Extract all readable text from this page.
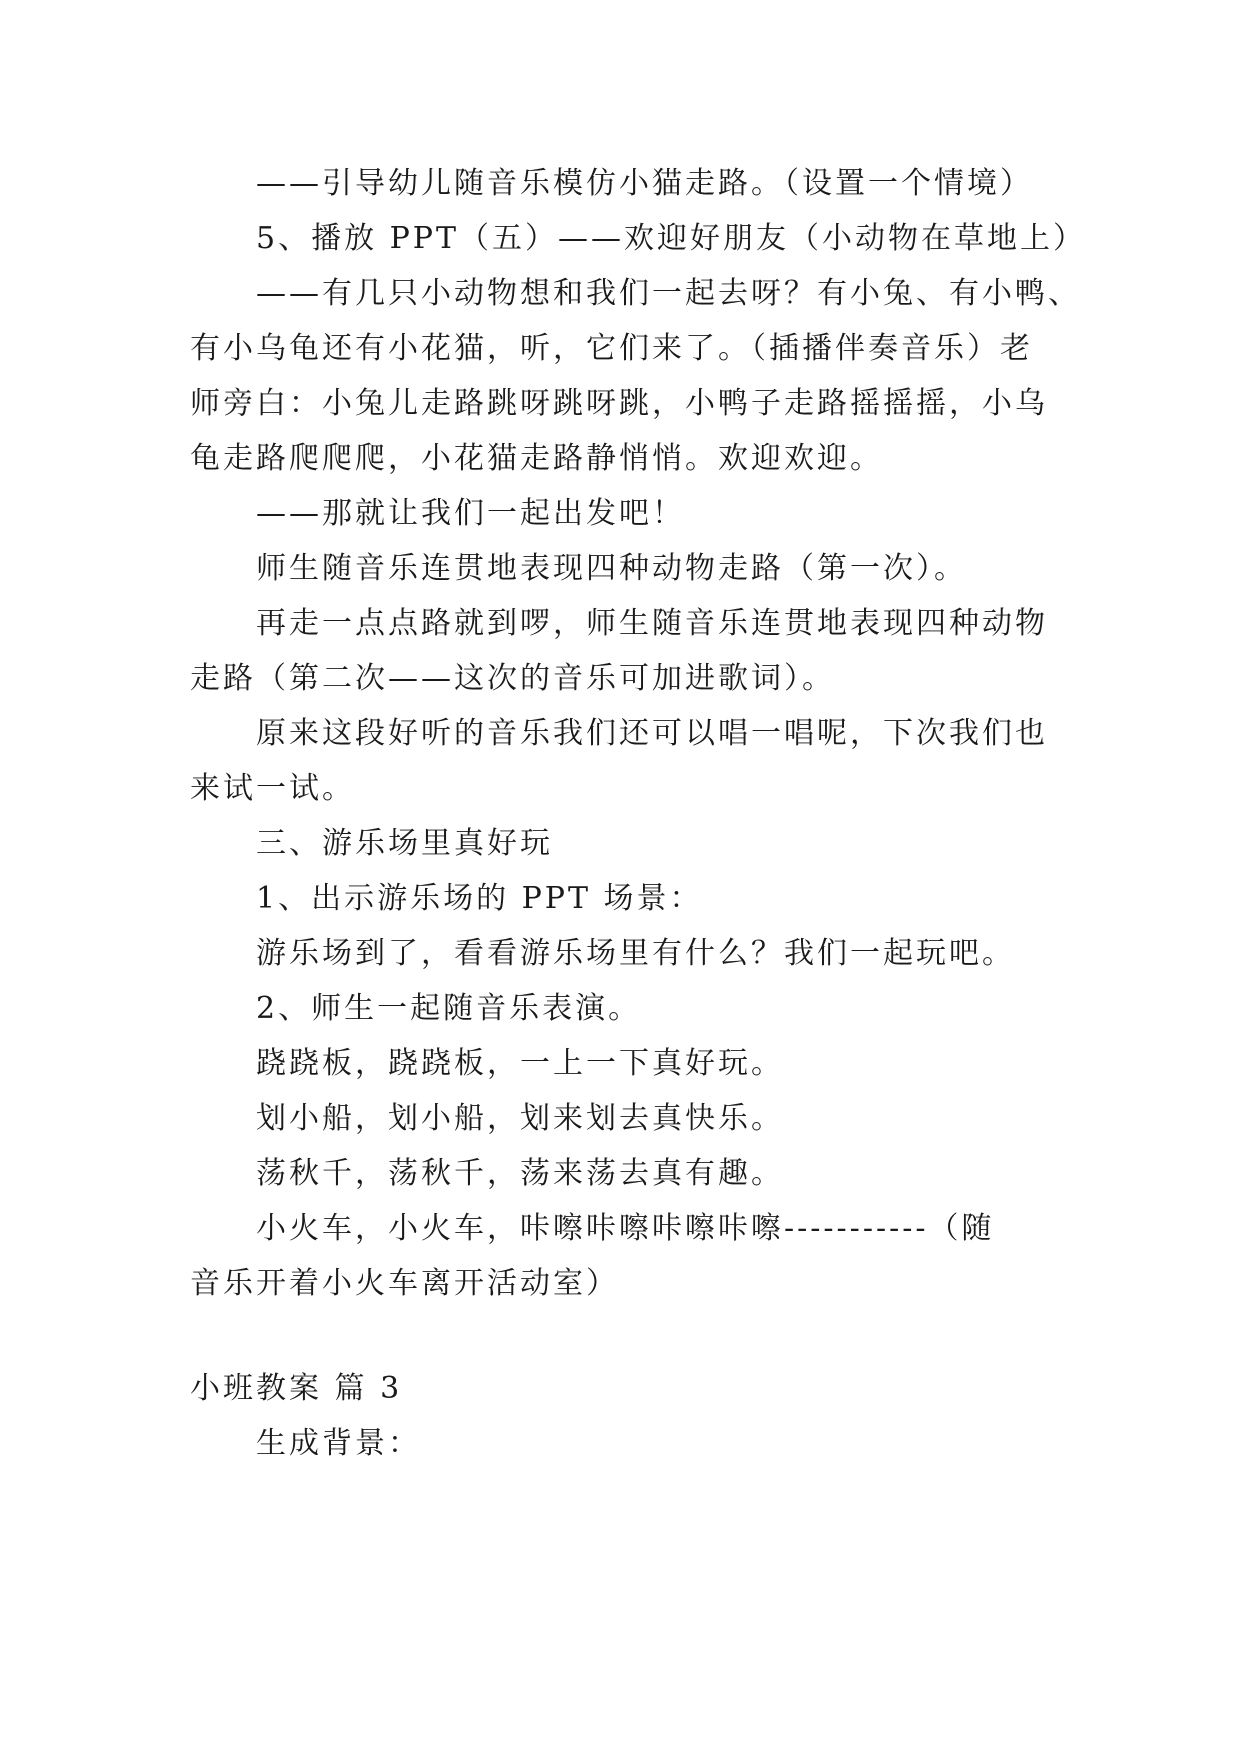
——引导幼儿随音乐模仿小猫走路。（设置一个情境）
5、播放 PPT（五）——欢迎好朋友（小动物在草地上）
——有几只小动物想和我们一起去呀？有小兔、有小鸭、
有小乌龟还有小花猫，听，它们来了。（插播伴奏音乐）老
师旁白：小兔儿走路跳呀跳呀跳，小鸭子走路摇摇摇，小乌
龟走路爬爬爬，小花猫走路静悄悄。欢迎欢迎。
——那就让我们一起出发吧！
师生随音乐连贯地表现四种动物走路（第一次）。
再走一点点路就到啰，师生随音乐连贯地表现四种动物
走路（第二次——这次的音乐可加进歌词）。
原来这段好听的音乐我们还可以唱一唱呢，下次我们也
来试一试。
三、游乐场里真好玩
1、出示游乐场的 PPT 场景：
游乐场到了，看看游乐场里有什么？我们一起玩吧。
2、师生一起随音乐表演。
跷跷板，跷跷板，一上一下真好玩。
划小船，划小船，划来划去真快乐。
荡秋千，荡秋千，荡来荡去真有趣。
小火车，小火车，咔嚓咔嚓咔嚓咔嚓-----------（随
音乐开着小火车离开活动室）
小班教案 篇 3
生成背景：
